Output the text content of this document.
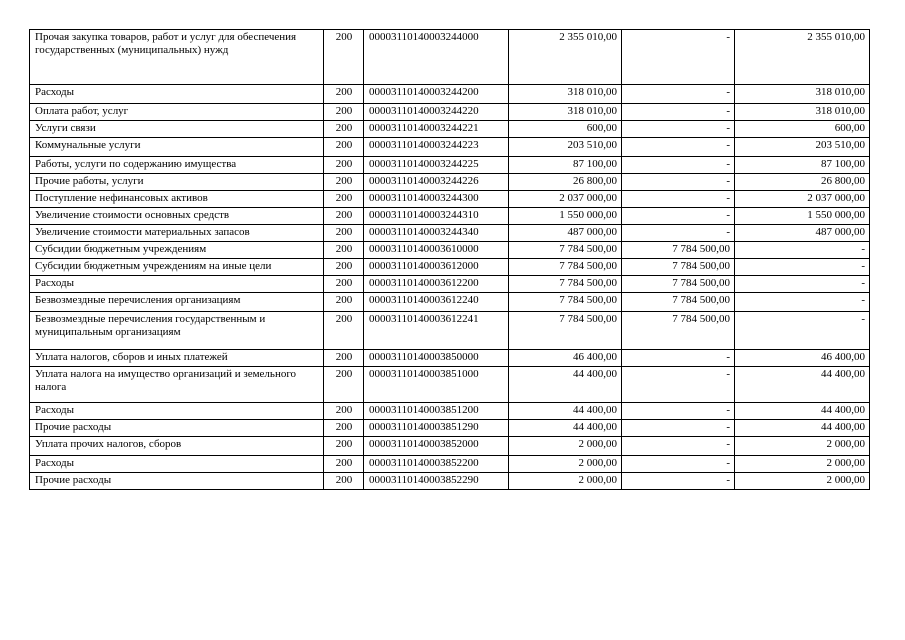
Прочая закупка товаров, работ и услуг для обеспечения государственных (муниципальных) нужд	200	00003110140003244000	2 355 010,00	-	2 355 010,00
Расходы	200	00003110140003244200	318 010,00	-	318 010,00
Оплата работ, услуг	200	00003110140003244220	318 010,00	-	318 010,00
Услуги связи	200	00003110140003244221	600,00	-	600,00
Коммунальные услуги	200	00003110140003244223	203 510,00	-	203 510,00
Работы, услуги по содержанию имущества	200	00003110140003244225	87 100,00	-	87 100,00
Прочие работы, услуги	200	00003110140003244226	26 800,00	-	26 800,00
Поступление нефинансовых активов	200	00003110140003244300	2 037 000,00	-	2 037 000,00
Увеличение стоимости основных средств	200	00003110140003244310	1 550 000,00	-	1 550 000,00
Увеличение стоимости материальных запасов	200	00003110140003244340	487 000,00	-	487 000,00
Субсидии бюджетным учреждениям	200	00003110140003610000	7 784 500,00	7 784 500,00	-
Субсидии бюджетным учреждениям на иные цели	200	00003110140003612000	7 784 500,00	7 784 500,00	-
Расходы	200	00003110140003612200	7 784 500,00	7 784 500,00	-
Безвозмездные перечисления организациям	200	00003110140003612240	7 784 500,00	7 784 500,00	-
Безвозмездные перечисления государственным и муниципальным организациям	200	00003110140003612241	7 784 500,00	7 784 500,00	-
Уплата налогов, сборов и иных платежей	200	00003110140003850000	46 400,00	-	46 400,00
Уплата налога на имущество организаций и земельного налога	200	00003110140003851000	44 400,00	-	44 400,00
Расходы	200	00003110140003851200	44 400,00	-	44 400,00
Прочие расходы	200	00003110140003851290	44 400,00	-	44 400,00
Уплата прочих налогов, сборов	200	00003110140003852000	2 000,00	-	2 000,00
Расходы	200	00003110140003852200	2 000,00	-	2 000,00
Прочие расходы	200	00003110140003852290	2 000,00	-	2 000,00
